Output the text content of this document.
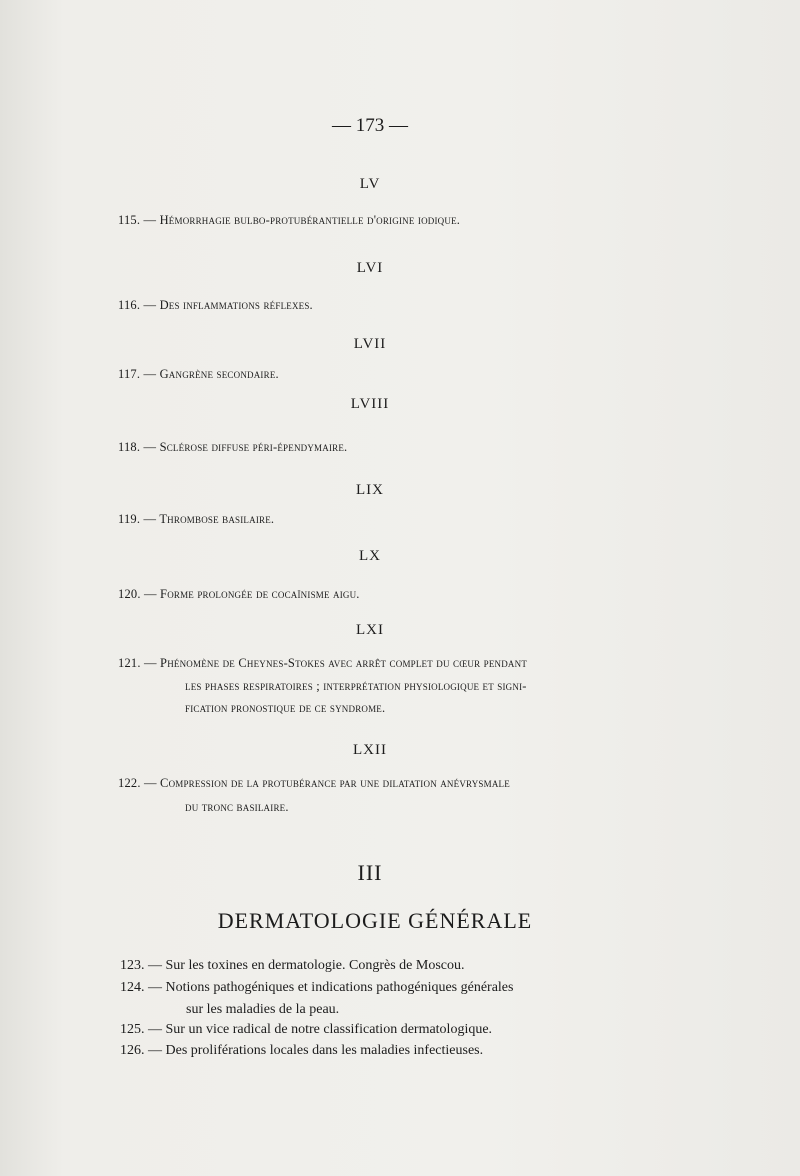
— 173 —
LV
115. — Hémorrhagie bulbo-protubérantielle d'origine iodique.
LVI
116. — Des inflammations réflexes.
LVII
117. — Gangrène secondaire.
LVIII
118. — Sclérose diffuse péri-épendymaire.
LIX
119. — Thrombose basilaire.
LX
120. — Forme prolongée de cocaïnisme aigu.
LXI
121. — Phénomène de Cheynes-Stokes avec arrêt complet du cœur pendant
les phases respiratoires ; interprétation physiologique et signi-
fication pronostique de ce syndrome.
LXII
122. — Compression de la protubérance par une dilatation anévrysmale
du tronc basilaire.
III
DERMATOLOGIE GÉNÉRALE
123. — Sur les toxines en dermatologie. Congrès de Moscou.
124. — Notions pathogéniques et indications pathogéniques générales
sur les maladies de la peau.
125. — Sur un vice radical de notre classification dermatologique.
126. — Des proliférations locales dans les maladies infectieuses.
